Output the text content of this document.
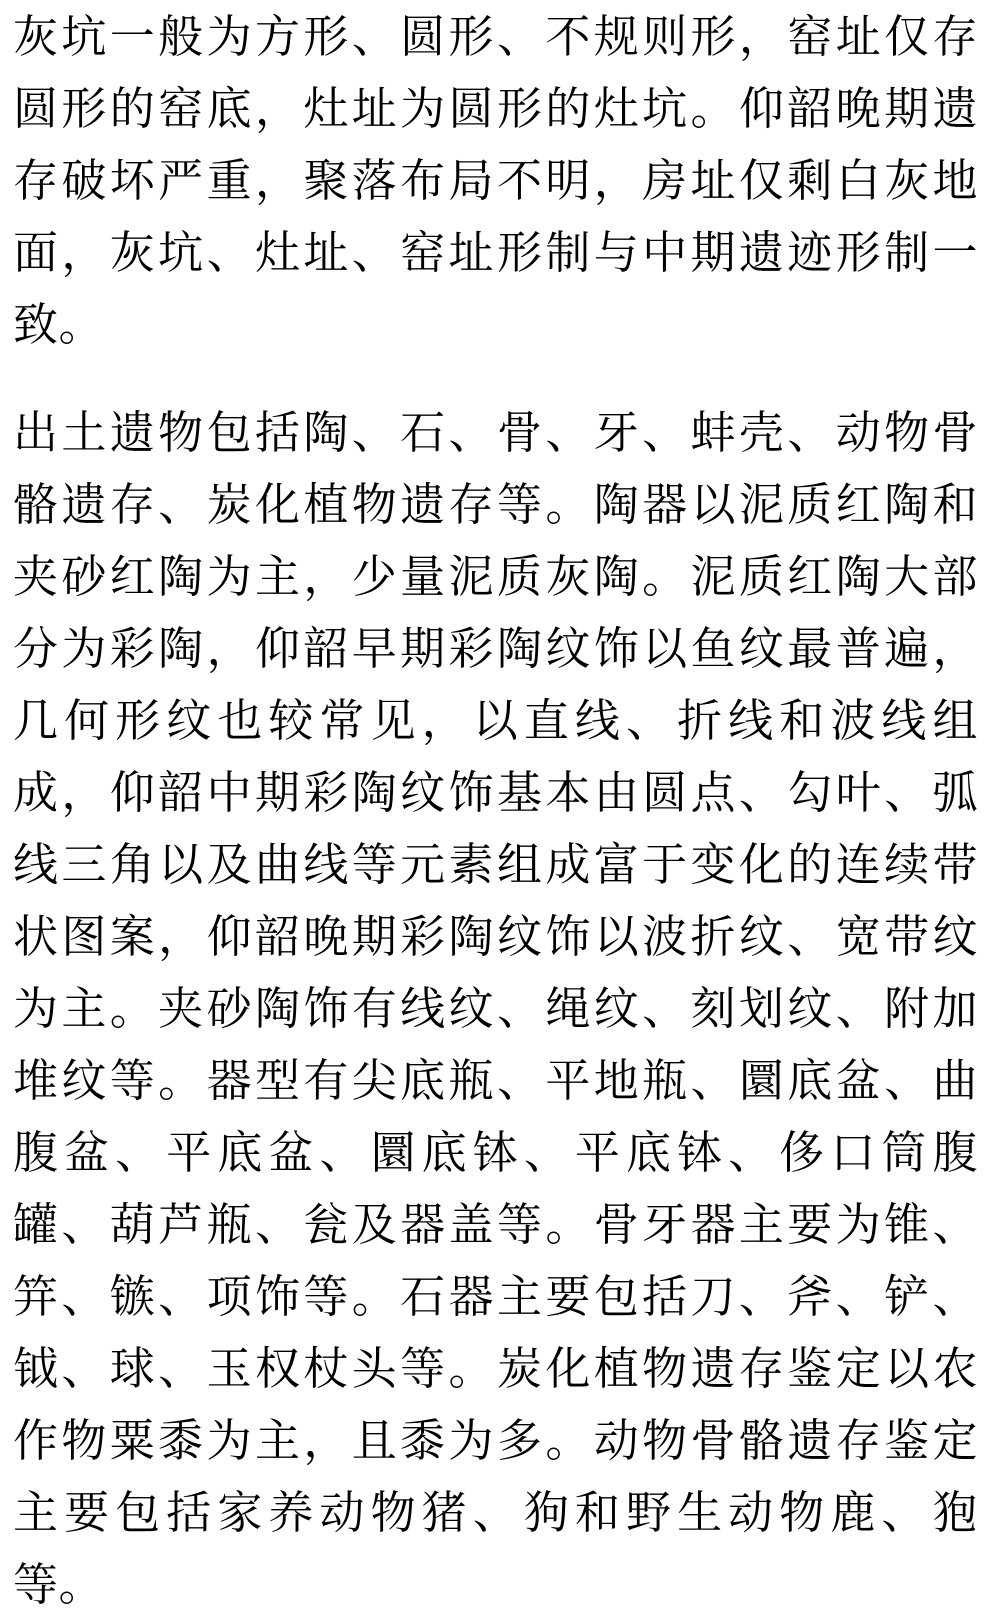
灰坑一般为方形、圆形、不规则形，窑址仅存
圆形的窑底，灶址为圆形的灶坑。仰韶晚期遗
存破坏严重，聚落布局不明，房址仅剩白灰地
面，灰坑、灶址、窑址形制与中期遗迹形制一
致。
出土遗物包括陶、石、骨、牙、蚌壳、动物骨
骼遗存、炭化植物遗存等。陶器以泥质红陶和
夹砂红陶为主，少量泥质灰陶。泥质红陶大部
分为彩陶，仰韶早期彩陶纹饰以鱼纹最普遍，
几何形纹也较常见，以直线、折线和波线组
成，仰韶中期彩陶纹饰基本由圆点、勾叶、弧
线三角以及曲线等元素组成富于变化的连续带
状图案，仰韶晚期彩陶纹饰以波折纹、宽带纹
为主。夹砂陶饰有线纹、绳纹、刻划纹、附加
堆纹等。器型有尖底瓶、平地瓶、圜底盆、曲
腹盆、平底盆、圜底钵、平底钵、侈口筒腹
罐、葫芦瓶、瓮及器盖等。骨牙器主要为锥、
笄、镞、项饰等。石器主要包括刀、斧、铲、
钺、球、玉权杖头等。炭化植物遗存鉴定以农
作物粟黍为主，且黍为多。动物骨骼遗存鉴定
主要包括家养动物猪、狗和野生动物鹿、狍
等。
